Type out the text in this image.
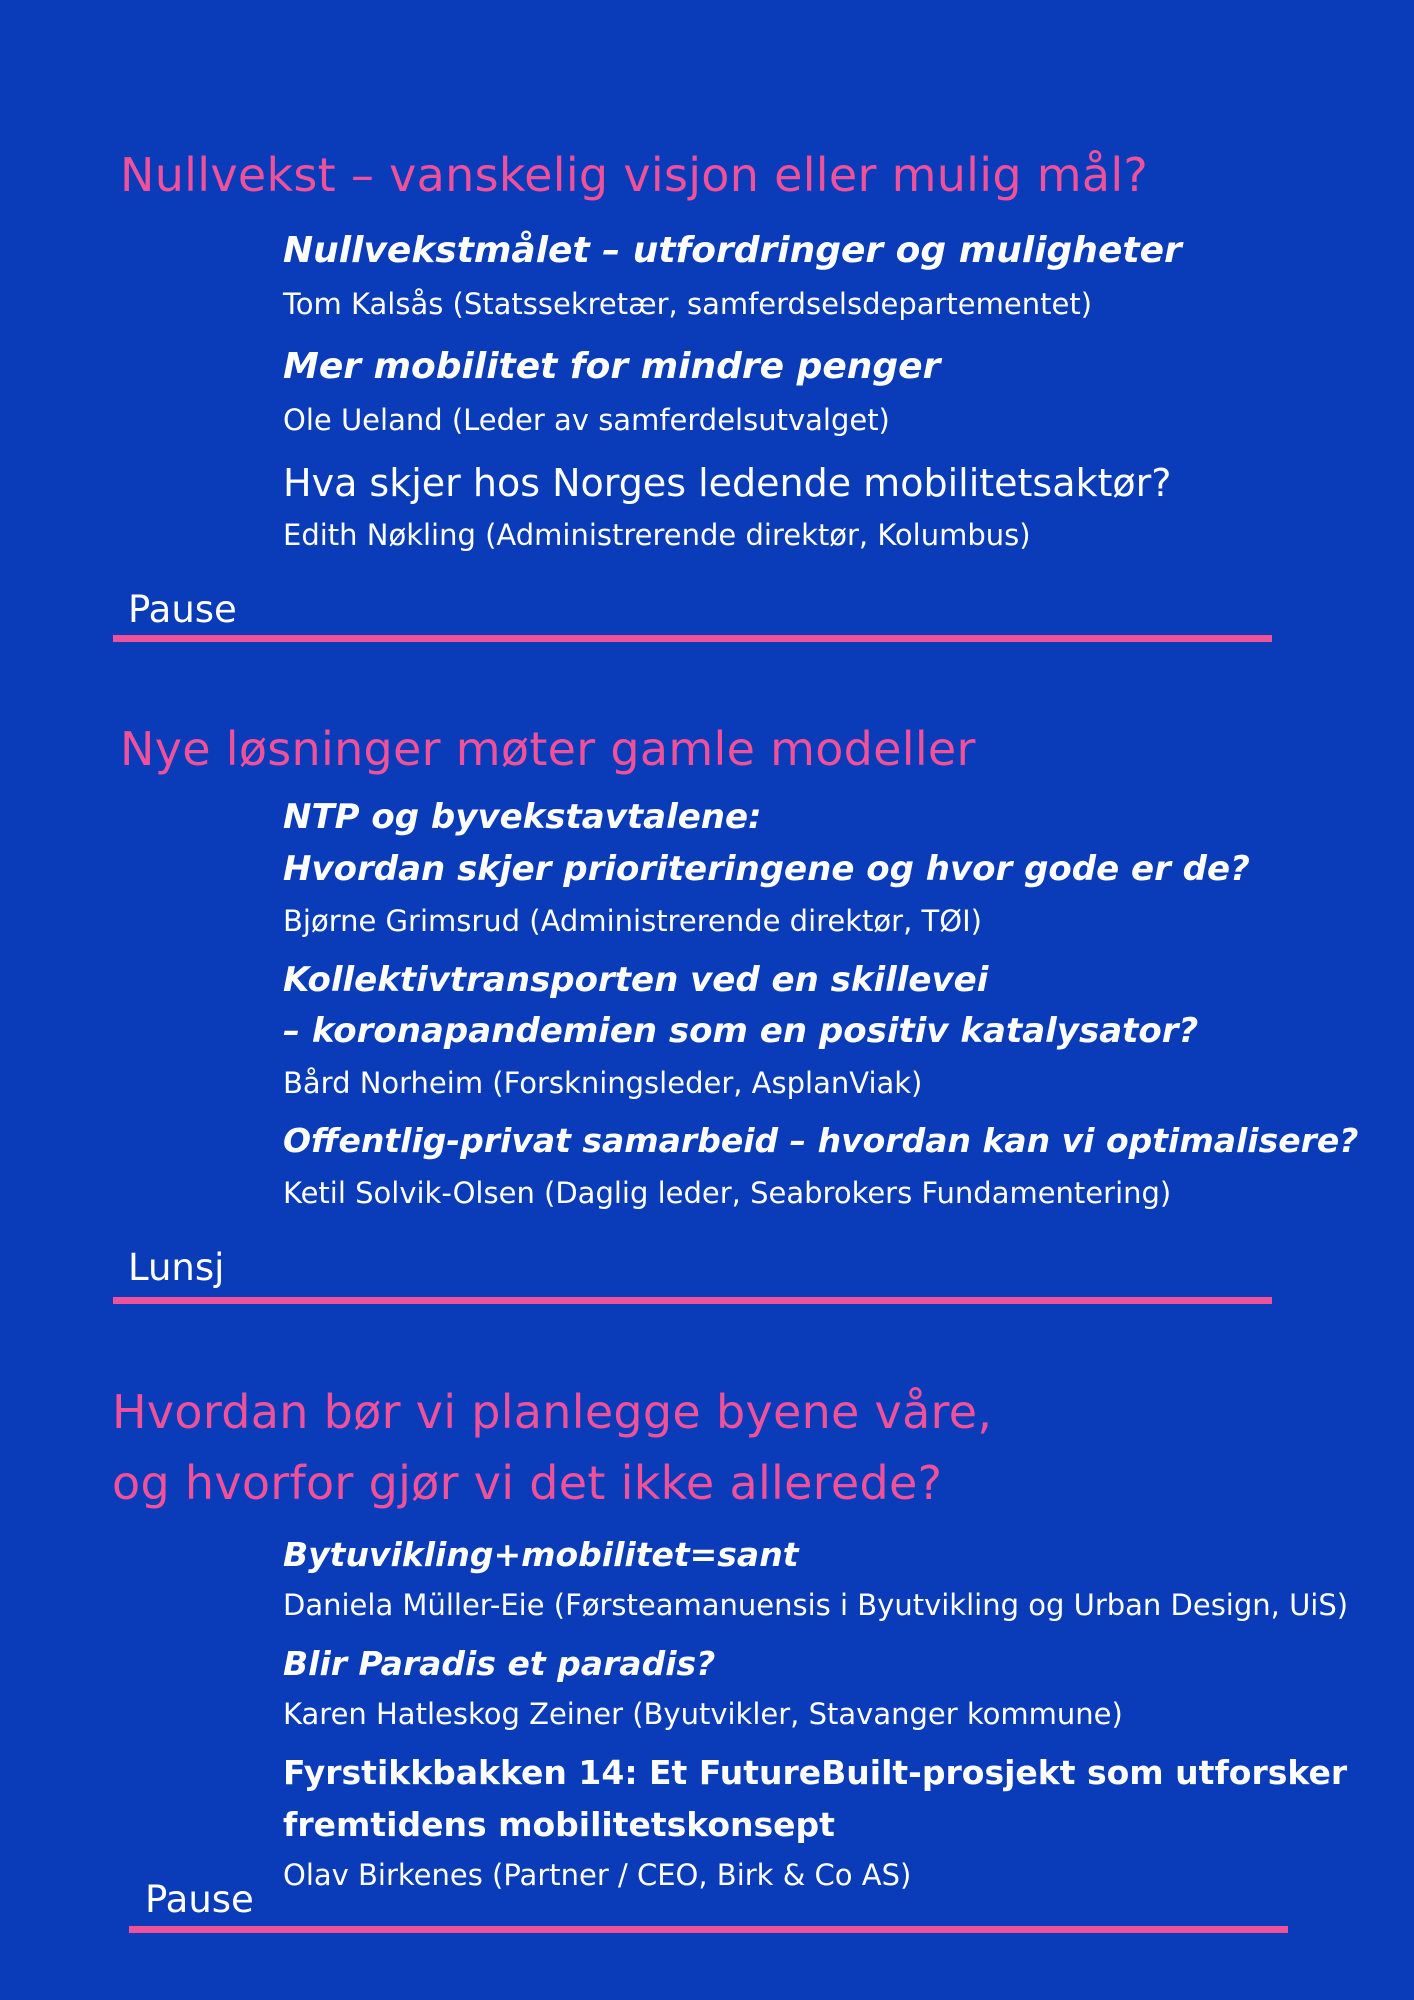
Nullvekst – vanskelig visjon eller mulig mål?
Nullvekstmålet – utfordringer og muligheter
Tom Kalsås (Statssekretær, samferdselsdepartementet)
Mer mobilitet for mindre penger
Ole Ueland (Leder av samferdelsutvalget)
Hva skjer hos Norges ledende mobilitetsaktør?
Edith Nøkling (Administrerende direktør, Kolumbus)
Pause
Nye løsninger møter gamle modeller
NTP og byvekstavtalene:
Hvordan skjer prioriteringene og hvor gode er de?
Bjørne Grimsrud (Administrerende direktør, TØI)
Kollektivtransporten ved en skillevei
– koronapandemien som en positiv katalysator?
Bård Norheim (Forskningsleder, AsplanViak)
Offentlig-privat samarbeid – hvordan kan vi optimalisere?
Ketil Solvik-Olsen (Daglig leder, Seabrokers Fundamentering)
Lunsj
Hvordan bør vi planlegge byene våre,
og hvorfor gjør vi det ikke allerede?
Bytuvikling+mobilitet=sant
Daniela Müller-Eie (Førsteamanuensis i Byutvikling og Urban Design, UiS)
Blir Paradis et paradis?
Karen Hatleskog Zeiner (Byutvikler, Stavanger kommune)
Fyrstikkbakken 14: Et FutureBuilt-prosjekt som utforsker
fremtidens mobilitetskonsept
Olav Birkenes (Partner / CEO, Birk & Co AS)
Pause
